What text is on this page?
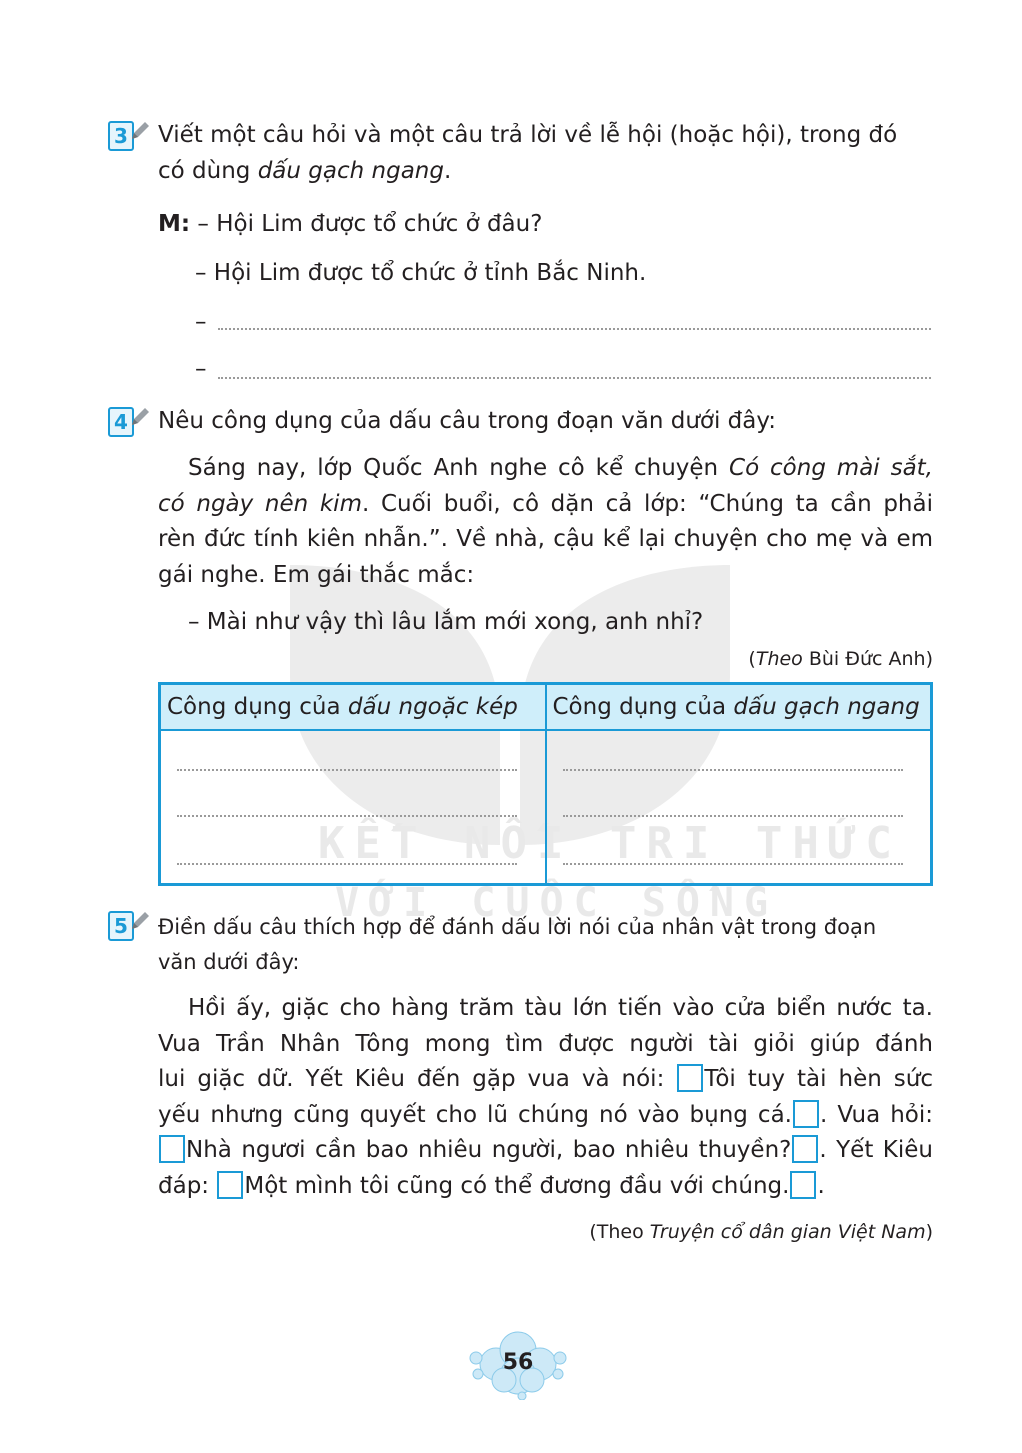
KẾT NỐI TRI THỨC
VỚI CUỘC SỐNG
3 Viết một câu hỏi và một câu trả lời về lễ hội (hoặc hội), trong đó
có dùng dấu gạch ngang.
M: – Hội Lim được tổ chức ở đâu?
– Hội Lim được tổ chức ở tỉnh Bắc Ninh.
–
–
4 Nêu công dụng của dấu câu trong đoạn văn dưới đây:
Sáng nay, lớp Quốc Anh nghe cô kể chuyện Có công mài sắt,
có ngày nên kim. Cuối buổi, cô dặn cả lớp: “Chúng ta cần phải
rèn đức tính kiên nhẫn.”. Về nhà, cậu kể lại chuyện cho mẹ và em
gái nghe. Em gái thắc mắc:
– Mài như vậy thì lâu lắm mới xong, anh nhỉ?
(Theo Bùi Đức Anh)
Công dụng của dấu ngoặc kép	Công dụng của dấu gạch ngang

5 Điền dấu câu thích hợp để đánh dấu lời nói của nhân vật trong đoạn
văn dưới đây:
Hồi ấy, giặc cho hàng trăm tàu lớn tiến vào cửa biển nước ta.
Vua Trần Nhân Tông mong tìm được người tài giỏi giúp đánh
lui giặc dữ. Yết Kiêu đến gặp vua và nói: Tôi tuy tài hèn sức
yếu nhưng cũng quyết cho lũ chúng nó vào bụng cá. . Vua hỏi:
Nhà ngươi cần bao nhiêu người, bao nhiêu thuyền? . Yết Kiêu
đáp: Một mình tôi cũng có thể đương đầu với chúng. .
(Theo Truyện cổ dân gian Việt Nam)
56
